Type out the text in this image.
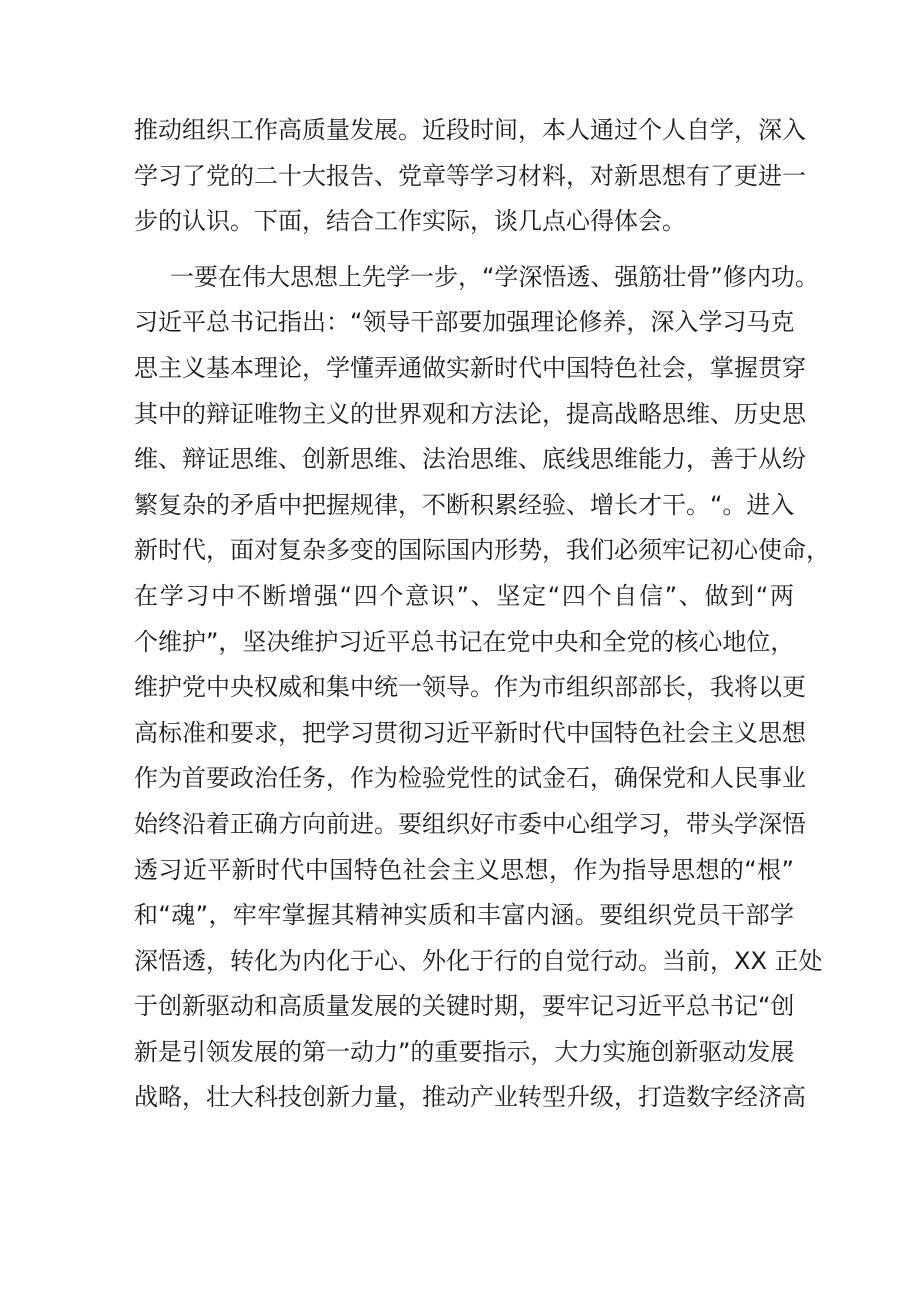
推动组织工作高质量发展。近段时间，本人通过个人自学，深入
学习了党的二十大报告、党章等学习材料，对新思想有了更进一
步的认识。下面，结合工作实际，谈几点心得体会。
一要在伟大思想上先学一步，“学深悟透、强筋壮骨”修内功。
习近平总书记指出：“领导干部要加强理论修养，深入学习马克
思主义基本理论，学懂弄通做实新时代中国特色社会，掌握贯穿
其中的辩证唯物主义的世界观和方法论，提高战略思维、历史思
维、辩证思维、创新思维、法治思维、底线思维能力，善于从纷
繁复杂的矛盾中把握规律，不断积累经验、增长才干。“。进入
新时代，面对复杂多变的国际国内形势，我们必须牢记初心使命，
在学习中不断增强“四个意识”、坚定“四个自信”、做到“两
个维护”，坚决维护习近平总书记在党中央和全党的核心地位，
维护党中央权威和集中统一领导。作为市组织部部长，我将以更
高标准和要求，把学习贯彻习近平新时代中国特色社会主义思想
作为首要政治任务，作为检验党性的试金石，确保党和人民事业
始终沿着正确方向前进。要组织好市委中心组学习，带头学深悟
透习近平新时代中国特色社会主义思想，作为指导思想的“根”
和“魂”，牢牢掌握其精神实质和丰富内涵。要组织党员干部学
深悟透，转化为内化于心、外化于行的自觉行动。当前，XX 正处
于创新驱动和高质量发展的关键时期，要牢记习近平总书记“创
新是引领发展的第一动力”的重要指示，大力实施创新驱动发展
战略，壮大科技创新力量，推动产业转型升级，打造数字经济高
